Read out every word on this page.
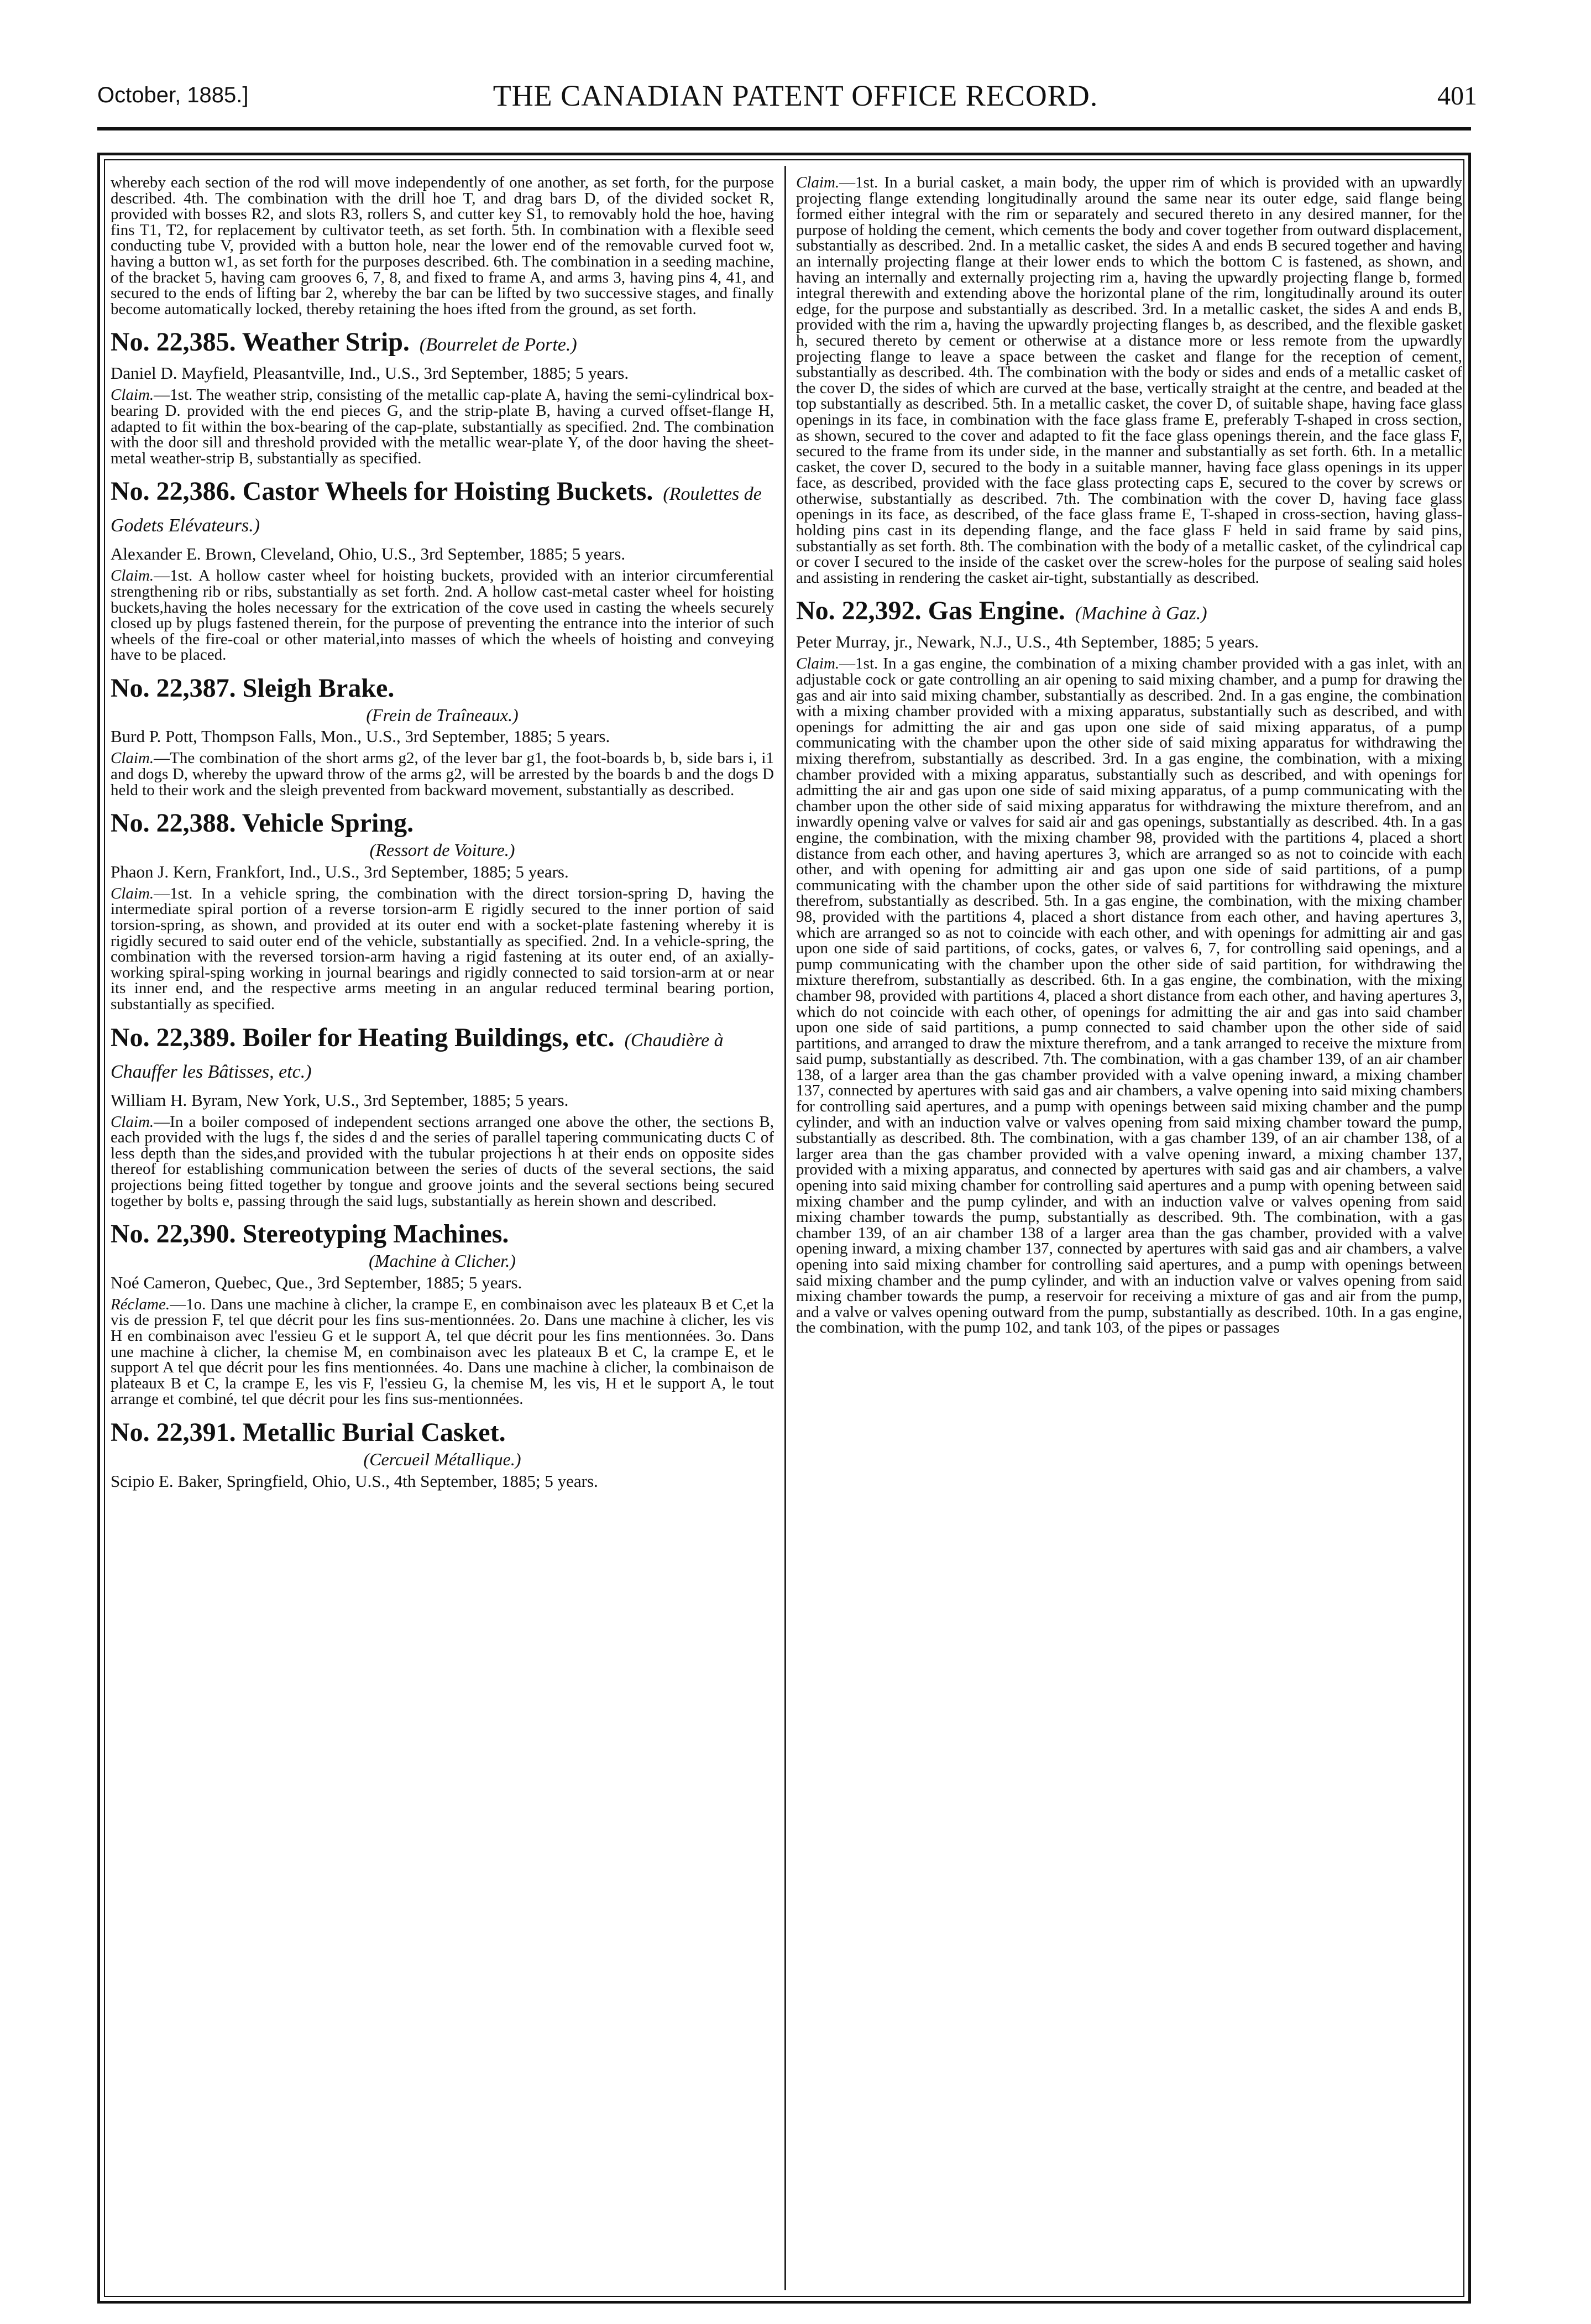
October, 1885.]	THE CANADIAN PATENT OFFICE RECORD.	401

whereby each section of the rod will move independently of one another, as set forth, for the purpose described. 4th. The combination with the drill hoe T, and drag bars D, of the divided socket R, provided with bosses R2, and slots R3, rollers S, and cutter key S1, to removably hold the hoe, having fins T1, T2, for replacement by cultivator teeth, as set forth. 5th. In combination with a flexible seed conducting tube V, provided with a button hole, near the lower end of the removable curved foot w, having a button w1, as set forth for the purposes described. 6th. The combination in a seeding machine, of the bracket 5, having cam grooves 6, 7, 8, and fixed to frame A, and arms 3, having pins 4, 41, and secured to the ends of lifting bar 2, whereby the bar can be lifted by two successive stages, and finally become automatically locked, thereby retaining the hoes ifted from the ground, as set forth.

No. 22,385. Weather Strip. (Bourrelet de Porte.)

Daniel D. Mayfield, Pleasantville, Ind., U.S., 3rd September, 1885; 5 years.

Claim.—1st. The weather strip, consisting of the metallic cap-plate A, having the semi-cylindrical box-bearing D. provided with the end pieces G, and the strip-plate B, having a curved offset-flange H, adapted to fit within the box-bearing of the cap-plate, substantially as specified. 2nd. The combination with the door sill and threshold provided with the metallic wear-plate Y, of the door having the sheet-metal weather-strip B, substantially as specified.

No. 22,386. Castor Wheels for Hoisting Buckets. (Roulettes de Godets Elévateurs.)

Alexander E. Brown, Cleveland, Ohio, U.S., 3rd September, 1885; 5 years.

Claim.—1st. A hollow caster wheel for hoisting buckets, provided with an interior circumferential strengthening rib or ribs, substantially as set forth. 2nd. A hollow cast-metal caster wheel for hoisting buckets,having the holes necessary for the extrication of the cove used in casting the wheels securely closed up by plugs fastened therein, for the purpose of preventing the entrance into the interior of such wheels of the fire-coal or other material,into masses of which the wheels of hoisting and conveying have to be placed.

No. 22,387. Sleigh Brake.

(Frein de Traîneaux.)

Burd P. Pott, Thompson Falls, Mon., U.S., 3rd September, 1885; 5 years.

Claim.—The combination of the short arms g2, of the lever bar g1, the foot-boards b, b, side bars i, i1 and dogs D, whereby the upward throw of the arms g2, will be arrested by the boards b and the dogs D held to their work and the sleigh prevented from backward movement, substantially as described.

No. 22,388. Vehicle Spring.

(Ressort de Voiture.)

Phaon J. Kern, Frankfort, Ind., U.S., 3rd September, 1885; 5 years.

Claim.—1st. In a vehicle spring, the combination with the direct torsion-spring D, having the intermediate spiral portion of a reverse torsion-arm E rigidly secured to the inner portion of said torsion-spring, as shown, and provided at its outer end with a socket-plate fastening whereby it is rigidly secured to said outer end of the vehicle, substantially as specified. 2nd. In a vehicle-spring, the combination with the reversed torsion-arm having a rigid fastening at its outer end, of an axially-working spiral-sping working in journal bearings and rigidly connected to said torsion-arm at or near its inner end, and the respective arms meeting in an angular reduced terminal bearing portion, substantially as specified.

No. 22,389. Boiler for Heating Buildings, etc. (Chaudière à Chauffer les Bâtisses, etc.)

William H. Byram, New York, U.S., 3rd September, 1885; 5 years.

Claim.—In a boiler composed of independent sections arranged one above the other, the sections B, each provided with the lugs f, the sides d and the series of parallel tapering communicating ducts C of less depth than the sides,and provided with the tubular projections h at their ends on opposite sides thereof for establishing communication between the series of ducts of the several sections, the said projections being fitted together by tongue and groove joints and the several sections being secured together by bolts e, passing through the said lugs, substantially as herein shown and described.

No. 22,390. Stereotyping Machines.

(Machine à Clicher.)

Noé Cameron, Quebec, Que., 3rd September, 1885; 5 years.

Réclame.—1o. Dans une machine à clicher, la crampe E, en combinaison avec les plateaux B et C,et la vis de pression F, tel que décrit pour les fins sus-mentionnées. 2o. Dans une machine à clicher, les vis H en combinaison avec l'essieu G et le support A, tel que décrit pour les fins mentionnées. 3o. Dans une machine à clicher, la chemise M, en combinaison avec les plateaux B et C, la crampe E, et le support A tel que décrit pour les fins mentionnées. 4o. Dans une machine à clicher, la combinaison de plateaux B et C, la crampe E, les vis F, l'essieu G, la chemise M, les vis, H et le support A, le tout arrange et combiné, tel que décrit pour les fins sus-mentionnées.

No. 22,391. Metallic Burial Casket.

(Cercueil Métallique.)

Scipio E. Baker, Springfield, Ohio, U.S., 4th September, 1885; 5 years.

Claim.—1st. In a burial casket, a main body, the upper rim of which is provided with an upwardly projecting flange extending longitudinally around the same near its outer edge, said flange being formed either integral with the rim or separately and secured thereto in any desired manner, for the purpose of holding the cement, which cements the body and cover together from outward displacement, substantially as described. 2nd. In a metallic casket, the sides A and ends B secured together and having an internally projecting flange at their lower ends to which the bottom C is fastened, as shown, and having an internally and externally projecting rim a, having the upwardly projecting flange b, formed integral therewith and extending above the horizontal plane of the rim, longitudinally around its outer edge, for the purpose and substantially as described. 3rd. In a metallic casket, the sides A and ends B, provided with the rim a, having the upwardly projecting flanges b, as described, and the flexible gasket h, secured thereto by cement or otherwise at a distance more or less remote from the upwardly projecting flange to leave a space between the casket and flange for the reception of cement, substantially as described. 4th. The combination with the body or sides and ends of a metallic casket of the cover D, the sides of which are curved at the base, vertically straight at the centre, and beaded at the top substantially as described. 5th. In a metallic casket, the cover D, of suitable shape, having face glass openings in its face, in combination with the face glass frame E, preferably T-shaped in cross section, as shown, secured to the cover and adapted to fit the face glass openings therein, and the face glass F, secured to the frame from its under side, in the manner and substantially as set forth. 6th. In a metallic casket, the cover D, secured to the body in a suitable manner, having face glass openings in its upper face, as described, provided with the face glass protecting caps E, secured to the cover by screws or otherwise, substantially as described. 7th. The combination with the cover D, having face glass openings in its face, as described, of the face glass frame E, T-shaped in cross-section, having glass-holding pins cast in its depending flange, and the face glass F held in said frame by said pins, substantially as set forth. 8th. The combination with the body of a metallic casket, of the cylindrical cap or cover I secured to the inside of the casket over the screw-holes for the purpose of sealing said holes and assisting in rendering the casket air-tight, substantially as described.

No. 22,392. Gas Engine. (Machine à Gaz.)

Peter Murray, jr., Newark, N.J., U.S., 4th September, 1885; 5 years.

Claim.—1st. In a gas engine, the combination of a mixing chamber provided with a gas inlet, with an adjustable cock or gate controlling an air opening to said mixing chamber, and a pump for drawing the gas and air into said mixing chamber, substantially as described. 2nd. In a gas engine, the combination with a mixing chamber provided with a mixing apparatus, substantially such as described, and with openings for admitting the air and gas upon one side of said mixing apparatus, of a pump communicating with the chamber upon the other side of said mixing apparatus for withdrawing the mixing therefrom, substantially as described. 3rd. In a gas engine, the combination, with a mixing chamber provided with a mixing apparatus, substantially such as described, and with openings for admitting the air and gas upon one side of said mixing apparatus, of a pump communicating with the chamber upon the other side of said mixing apparatus for withdrawing the mixture therefrom, and an inwardly opening valve or valves for said air and gas openings, substantially as described. 4th. In a gas engine, the combination, with the mixing chamber 98, provided with the partitions 4, placed a short distance from each other, and having apertures 3, which are arranged so as not to coincide with each other, and with opening for admitting air and gas upon one side of said partitions, of a pump communicating with the chamber upon the other side of said partitions for withdrawing the mixture therefrom, substantially as described. 5th. In a gas engine, the combination, with the mixing chamber 98, provided with the partitions 4, placed a short distance from each other, and having apertures 3, which are arranged so as not to coincide with each other, and with openings for admitting air and gas upon one side of said partitions, of cocks, gates, or valves 6, 7, for controlling said openings, and a pump communicating with the chamber upon the other side of said partition, for withdrawing the mixture therefrom, substantially as described. 6th. In a gas engine, the combination, with the mixing chamber 98, provided with partitions 4, placed a short distance from each other, and having apertures 3, which do not coincide with each other, of openings for admitting the air and gas into said chamber upon one side of said partitions, a pump connected to said chamber upon the other side of said partitions, and arranged to draw the mixture therefrom, and a tank arranged to receive the mixture from said pump, substantially as described. 7th. The combination, with a gas chamber 139, of an air chamber 138, of a larger area than the gas chamber provided with a valve opening inward, a mixing chamber 137, connected by apertures with said gas and air chambers, a valve opening into said mixing chambers for controlling said apertures, and a pump with openings between said mixing chamber and the pump cylinder, and with an induction valve or valves opening from said mixing chamber toward the pump, substantially as described. 8th. The combination, with a gas chamber 139, of an air chamber 138, of a larger area than the gas chamber provided with a valve opening inward, a mixing chamber 137, provided with a mixing apparatus, and connected by apertures with said gas and air chambers, a valve opening into said mixing chamber for controlling said apertures and a pump with opening between said mixing chamber and the pump cylinder, and with an induction valve or valves opening from said mixing chamber towards the pump, substantially as described. 9th. The combination, with a gas chamber 139, of an air chamber 138 of a larger area than the gas chamber, provided with a valve opening inward, a mixing chamber 137, connected by apertures with said gas and air chambers, a valve opening into said mixing chamber for controlling said apertures, and a pump with openings between said mixing chamber and the pump cylinder, and with an induction valve or valves opening from said mixing chamber towards the pump, a reservoir for receiving a mixture of gas and air from the pump, and a valve or valves opening outward from the pump, substantially as described. 10th. In a gas engine, the combination, with the pump 102, and tank 103, of the pipes or passages
